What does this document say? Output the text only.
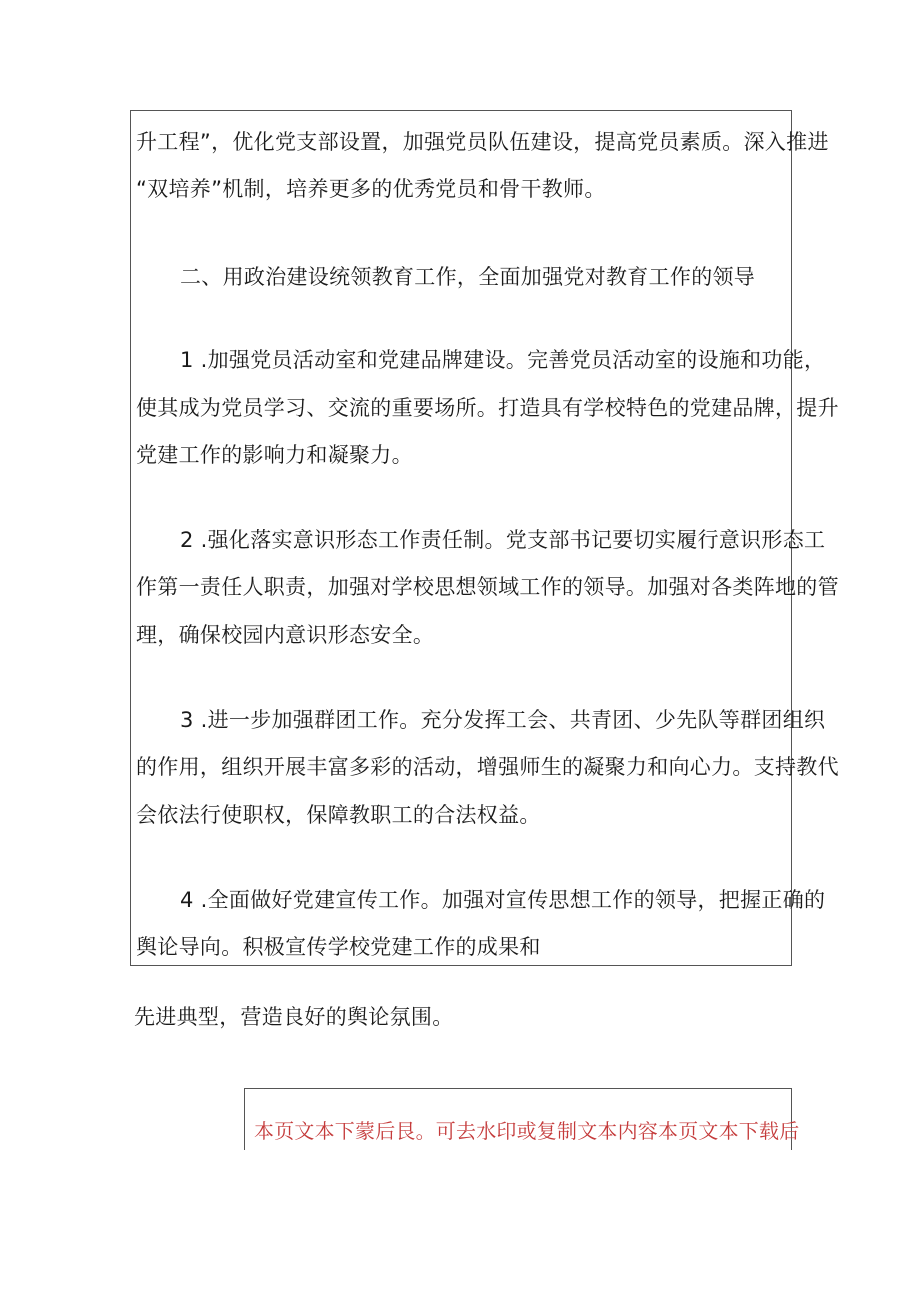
升工程”，优化党支部设置，加强党员队伍建设，提高党员素质。深入推进
“双培养”机制，培养更多的优秀党员和骨干教师。
二、用政治建设统领教育工作，全面加强党对教育工作的领导
1 .加强党员活动室和党建品牌建设。完善党员活动室的设施和功能，
使其成为党员学习、交流的重要场所。打造具有学校特色的党建品牌，提升
党建工作的影响力和凝聚力。
2 .强化落实意识形态工作责任制。党支部书记要切实履行意识形态工
作第一责任人职责，加强对学校思想领域工作的领导。加强对各类阵地的管
理，确保校园内意识形态安全。
3 .进一步加强群团工作。充分发挥工会、共青团、少先队等群团组织
的作用，组织开展丰富多彩的活动，增强师生的凝聚力和向心力。支持教代
会依法行使职权，保障教职工的合法权益。
4 .全面做好党建宣传工作。加强对宣传思想工作的领导，把握正确的
舆论导向。积极宣传学校党建工作的成果和
先进典型，营造良好的舆论氛围。
本页文本下蒙后艮。可去水印或复制文本内容本页文本下载后
